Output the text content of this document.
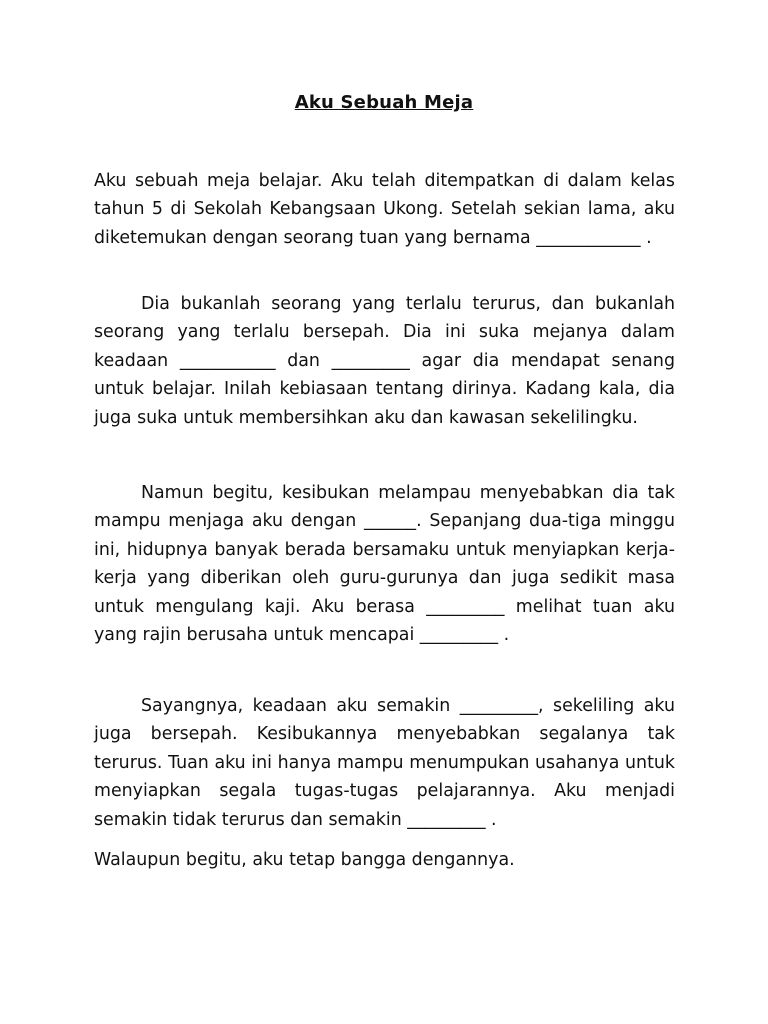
Aku Sebuah Meja

Aku sebuah meja belajar. Aku telah ditempatkan di dalam kelas tahun 5 di Sekolah Kebangsaan Ukong. Setelah sekian lama, aku diketemukan dengan seorang tuan yang bernama ____________ .

Dia bukanlah seorang yang terlalu terurus, dan bukanlah seorang yang terlalu bersepah. Dia ini suka mejanya dalam keadaan ___________ dan _________ agar dia mendapat senang untuk belajar. Inilah kebiasaan tentang dirinya. Kadang kala, dia juga suka untuk membersihkan aku dan kawasan sekelilingku.

Namun begitu, kesibukan melampau menyebabkan dia tak mampu menjaga aku dengan ______. Sepanjang dua-tiga minggu ini, hidupnya banyak berada bersamaku untuk menyiapkan kerja-kerja yang diberikan oleh guru-gurunya dan juga sedikit masa untuk mengulang kaji. Aku berasa _________ melihat tuan aku yang rajin berusaha untuk mencapai _________ .

Sayangnya, keadaan aku semakin _________, sekeliling aku juga bersepah. Kesibukannya menyebabkan segalanya tak terurus. Tuan aku ini hanya mampu menumpukan usahanya untuk menyiapkan segala tugas-tugas pelajarannya. Aku menjadi semakin tidak terurus dan semakin _________ .

Walaupun begitu, aku tetap bangga dengannya.
